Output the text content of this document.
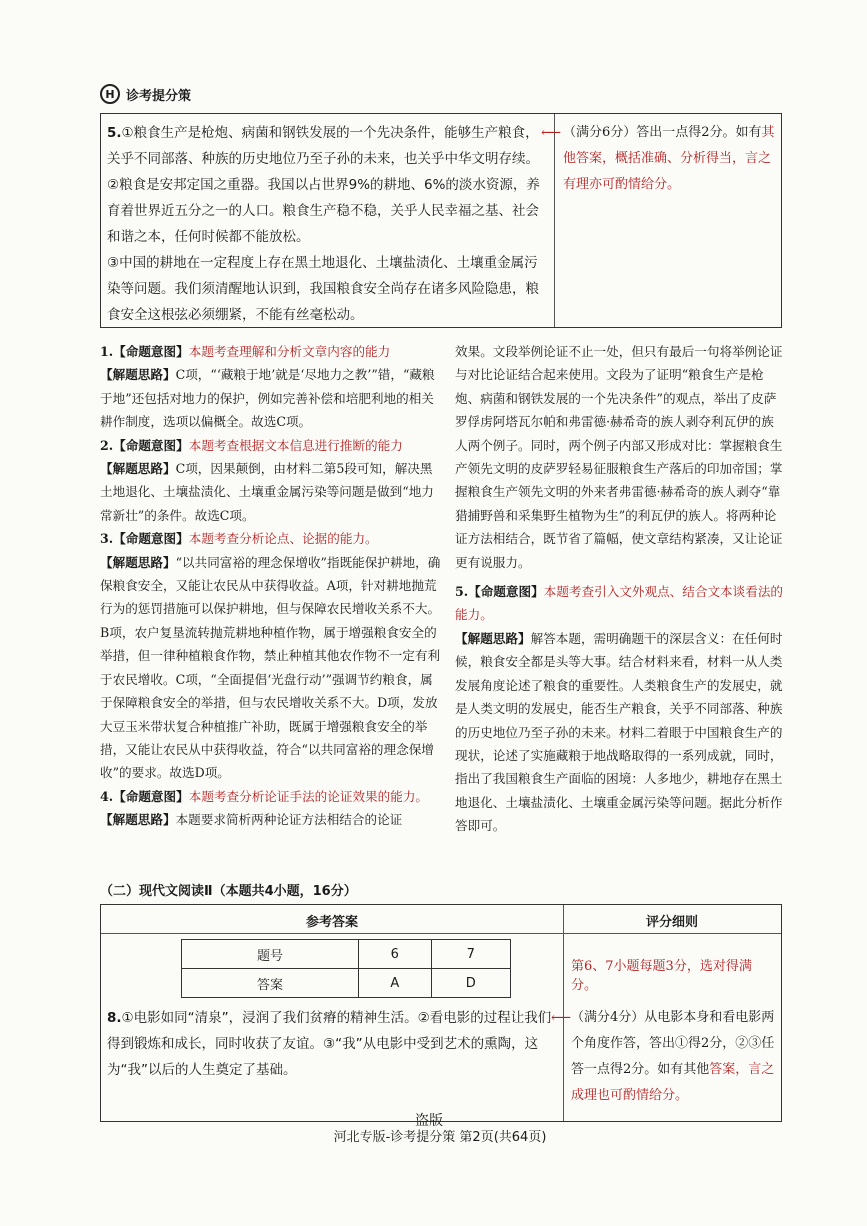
H 诊考提分策

5.①粮食生产是枪炮、病菌和钢铁发展的一个先决条件，能够生产粮食，关乎不同部落、种族的历史地位乃至子孙的未来，也关乎中华文明存续。

②粮食是安邦定国之重器。我国以占世界9%的耕地、6%的淡水资源，养育着世界近五分之一的人口。粮食生产稳不稳，关乎人民幸福之基、社会和谐之本，任何时候都不能放松。

③中国的耕地在一定程度上存在黑土地退化、土壤盐渍化、土壤重金属污染等问题。我们须清醒地认识到，我国粮食安全尚存在诸多风险隐患，粮食安全这根弦必须绷紧，不能有丝毫松动。

⟵ （满分6分）答出一点得2分。如有其他答案，概括准确、分析得当，言之有理亦可酌情给分。

1.【命题意图】本题考查理解和分析文章内容的能力

【解题思路】C项，“‘藏粮于地’就是‘尽地力之教’”错，“藏粮于地”还包括对地力的保护，例如完善补偿和培肥利地的相关耕作制度，选项以偏概全。故选C项。

2.【命题意图】本题考查根据文本信息进行推断的能力

【解题思路】C项，因果颠倒，由材料二第5段可知，解决黑土地退化、土壤盐渍化、土壤重金属污染等问题是做到“地力常新壮”的条件。故选C项。

3.【命题意图】本题考查分析论点、论据的能力。

【解题思路】“以共同富裕的理念保增收”指既能保护耕地，确保粮食安全，又能让农民从中获得收益。A项，针对耕地抛荒行为的惩罚措施可以保护耕地，但与保障农民增收关系不大。B项，农户复垦流转抛荒耕地种植作物，属于增强粮食安全的举措，但一律种植粮食作物，禁止种植其他农作物不一定有利于农民增收。C项，“全面提倡‘光盘行动’”强调节约粮食，属于保障粮食安全的举措，但与农民增收关系不大。D项，发放大豆玉米带状复合种植推广补助，既属于增强粮食安全的举措，又能让农民从中获得收益，符合“以共同富裕的理念保增收”的要求。故选D项。

4.【命题意图】本题考查分析论证手法的论证效果的能力。

【解题思路】本题要求简析两种论证方法相结合的论证

效果。文段举例论证不止一处，但只有最后一句将举例论证与对比论证结合起来使用。文段为了证明“粮食生产是枪炮、病菌和钢铁发展的一个先决条件”的观点，举出了皮萨罗俘虏阿塔瓦尔帕和弗雷德·赫希奇的族人剥夺利瓦伊的族人两个例子。同时，两个例子内部又形成对比：掌握粮食生产领先文明的皮萨罗轻易征服粮食生产落后的印加帝国；掌握粮食生产领先文明的外来者弗雷德·赫希奇的族人剥夺“靠猎捕野兽和采集野生植物为生”的利瓦伊的族人。将两种论证方法相结合，既节省了篇幅，使文章结构紧凑，又让论证更有说服力。

5.【命题意图】本题考查引入文外观点、结合文本谈看法的能力。

【解题思路】解答本题，需明确题干的深层含义：在任何时候，粮食安全都是头等大事。结合材料来看，材料一从人类发展角度论述了粮食的重要性。人类粮食生产的发展史，就是人类文明的发展史，能否生产粮食，关乎不同部落、种族的历史地位乃至子孙的未来。材料二着眼于中国粮食生产的现状，论述了实施藏粮于地战略取得的一系列成就，同时，指出了我国粮食生产面临的困境：人多地少，耕地存在黑土地退化、土壤盐渍化、土壤重金属污染等问题。据此分析作答即可。

（二）现代文阅读Ⅱ（本题共4小题，16分）
参考答案	评分细则
题号	6	7
答案	A	D
第6、7小题每题3分，选对得满分。

8.①电影如同“清泉”，浸润了我们贫瘠的精神生活。②看电影的过程让我们得到锻炼和成长，同时收获了友谊。③“我”从电影中受到艺术的熏陶，这为“我”以后的人生奠定了基础。

⟵ （满分4分）从电影本身和看电影两个角度作答，答出①得2分，②③任答一点得2分。如有其他答案，言之成理也可酌情给分。
盗版
河北专版-诊考提分策 第2页(共64页)
